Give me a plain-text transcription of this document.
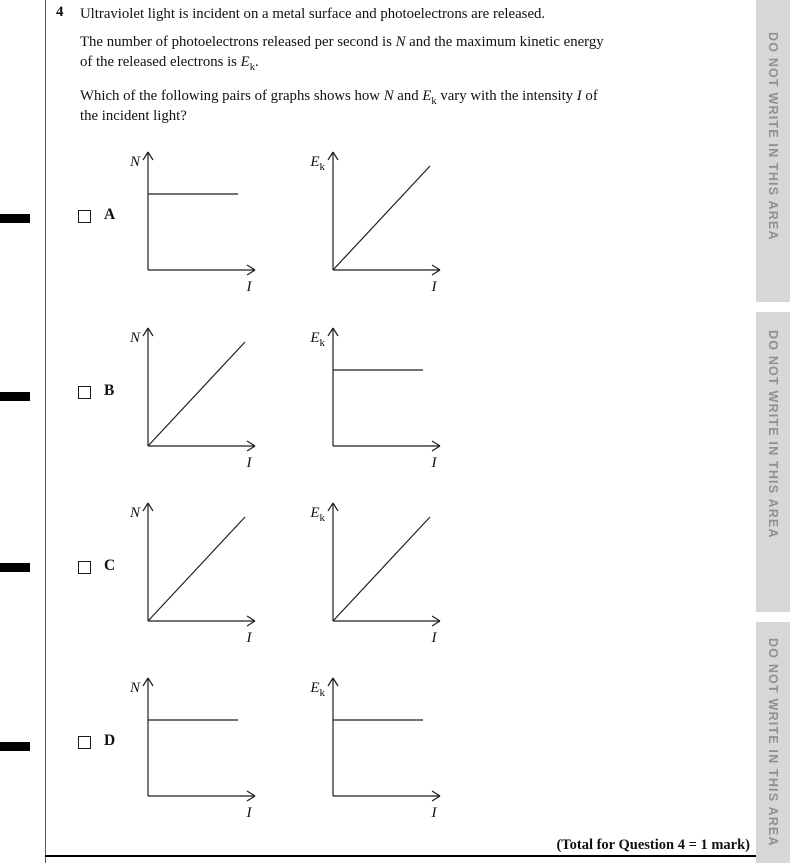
4 Ultraviolet light is incident on a metal surface and photoelectrons are released.
The number of photoelectrons released per second is N and the maximum kinetic energy
of the released electrons is $E_k$.
Which of the following pairs of graphs shows how N and $E_k$ vary with the intensity I of
the incident light?
A
N
I
$E_k$
I
B
N
I
$E_k$
I
C
N
I
$E_k$
I
D
N
I
$E_k$
I
(Total for Question 4 = 1 mark)
DO NOT WRITE IN THIS AREA
DO NOT WRITE IN THIS AREA
DO NOT WRITE IN THIS AREA
